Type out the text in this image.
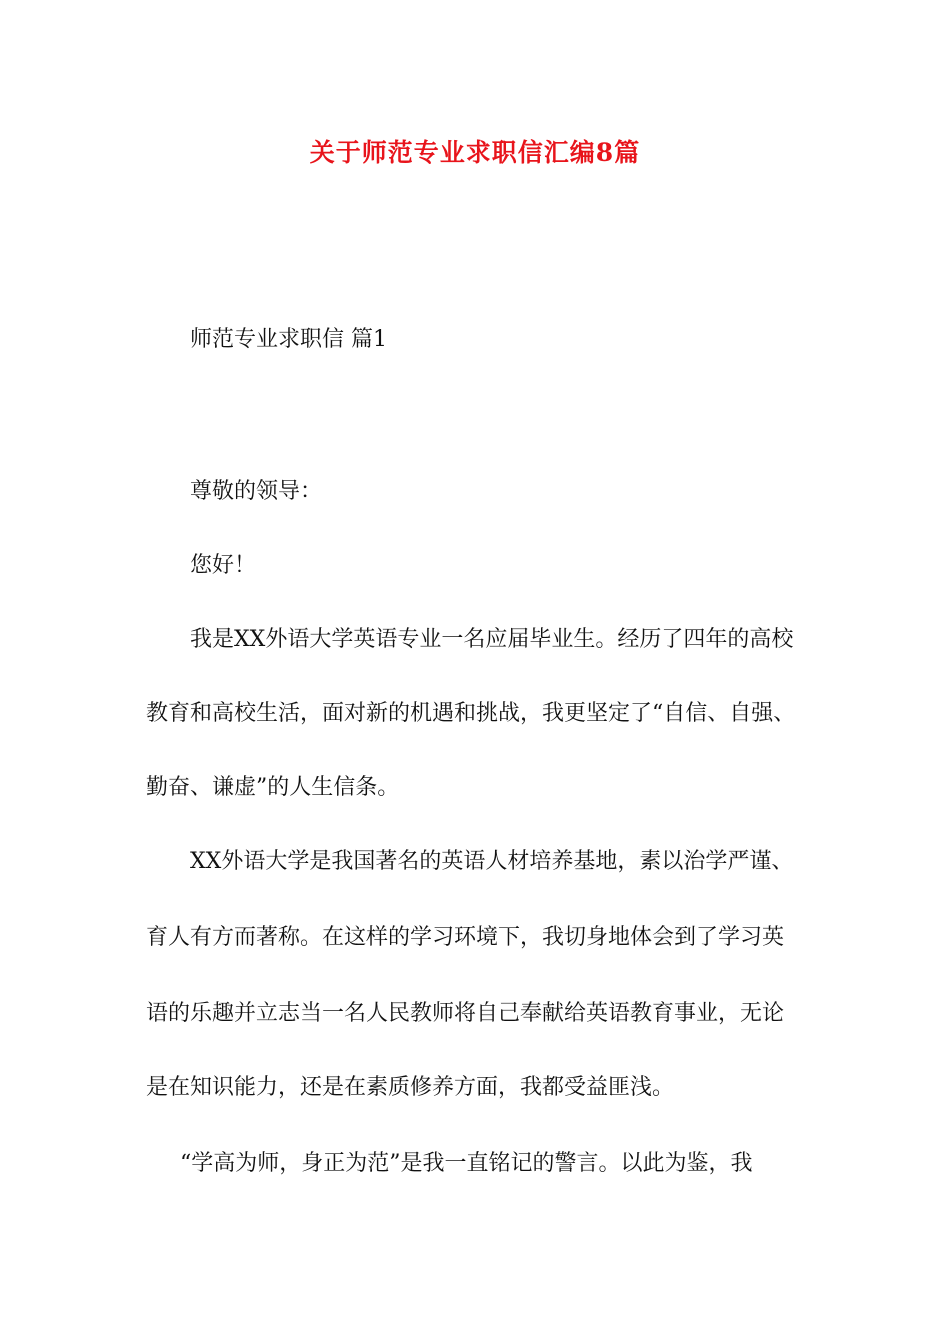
关于师范专业求职信汇编8篇

师范专业求职信 篇1

尊敬的领导：

您好！

我是XX外语大学英语专业一名应届毕业生。经历了四年的高校

教育和高校生活，面对新的机遇和挑战，我更坚定了“自信、自强、

勤奋、谦虚”的人生信条。

XX外语大学是我国著名的英语人材培养基地，素以治学严谨、

育人有方而著称。在这样的学习环境下，我切身地体会到了学习英

语的乐趣并立志当一名人民教师将自己奉献给英语教育事业，无论

是在知识能力，还是在素质修养方面，我都受益匪浅。

“学高为师，身正为范”是我一直铭记的警言。以此为鉴，我
